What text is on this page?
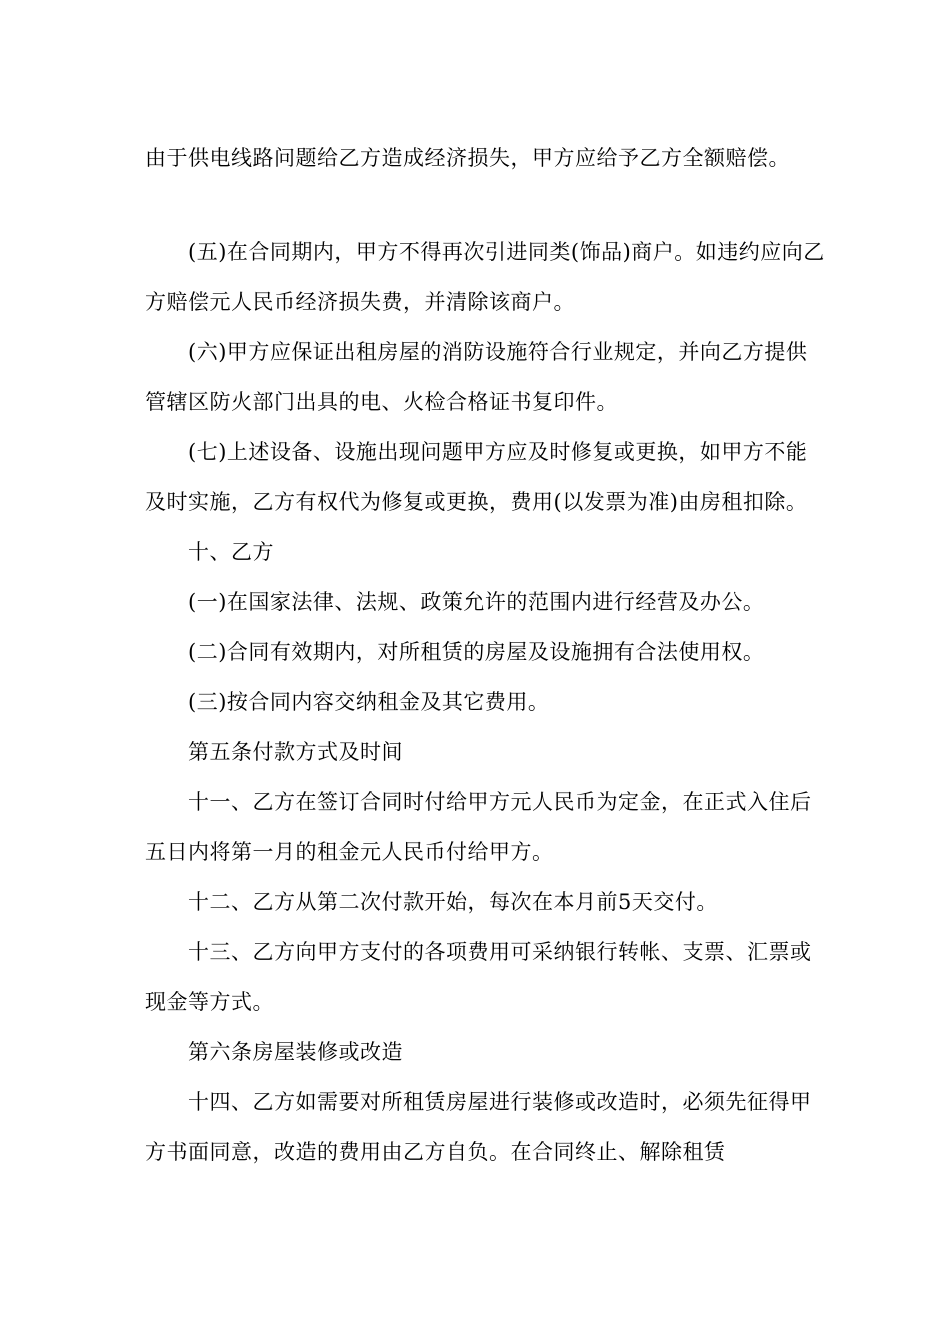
由于供电线路问题给乙方造成经济损失，甲方应给予乙方全额赔偿。

(五)在合同期内，甲方不得再次引进同类(饰品)商户。如违约应向乙方赔偿元人民币经济损失费，并清除该商户。

(六)甲方应保证出租房屋的消防设施符合行业规定，并向乙方提供管辖区防火部门出具的电、火检合格证书复印件。

(七)上述设备、设施出现问题甲方应及时修复或更换，如甲方不能及时实施，乙方有权代为修复或更换，费用(以发票为准)由房租扣除。

十、乙方

(一)在国家法律、法规、政策允许的范围内进行经营及办公。

(二)合同有效期内，对所租赁的房屋及设施拥有合法使用权。

(三)按合同内容交纳租金及其它费用。

第五条付款方式及时间

十一、乙方在签订合同时付给甲方元人民币为定金，在正式入住后五日内将第一月的租金元人民币付给甲方。

十二、乙方从第二次付款开始，每次在本月前5天交付。

十三、乙方向甲方支付的各项费用可采纳银行转帐、支票、汇票或现金等方式。

第六条房屋装修或改造

十四、乙方如需要对所租赁房屋进行装修或改造时，必须先征得甲方书面同意，改造的费用由乙方自负。在合同终止、解除租赁
